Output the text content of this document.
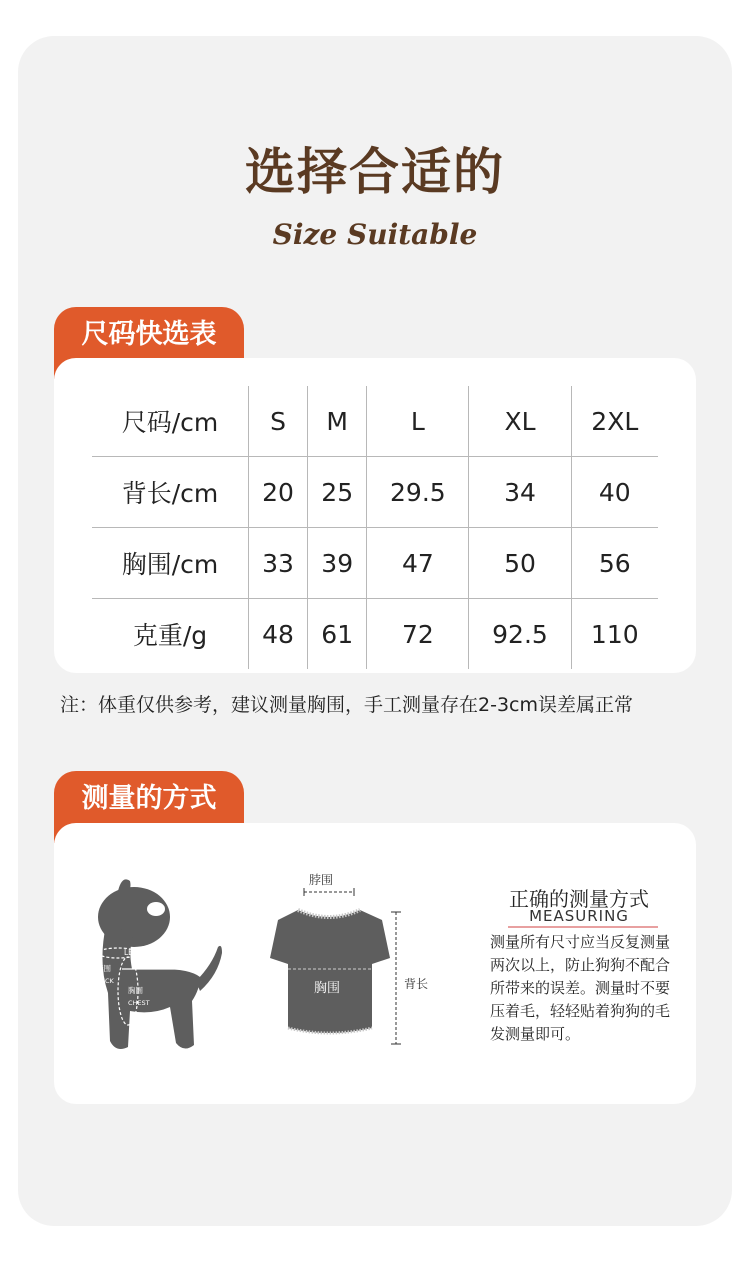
选择合适的
Size Suitable
尺码快选表
尺码/cm	S	M	L	XL	2XL
背长/cm	20	25	29.5	34	40
胸围/cm	33	39	47	50	56
克重/g	48	61	72	92.5	110
注：体重仅供参考，建议测量胸围，手工测量存在2-3cm误差属正常
测量的方式
LENGTH背长
脖围
NECK
胸围
CHEST
脖围
胸围	背长
正确的测量方式
MEASURING
测量所有尺寸应当反复测量两次以上，防止狗狗不配合所带来的误差。测量时不要压着毛，轻轻贴着狗狗的毛发测量即可。
